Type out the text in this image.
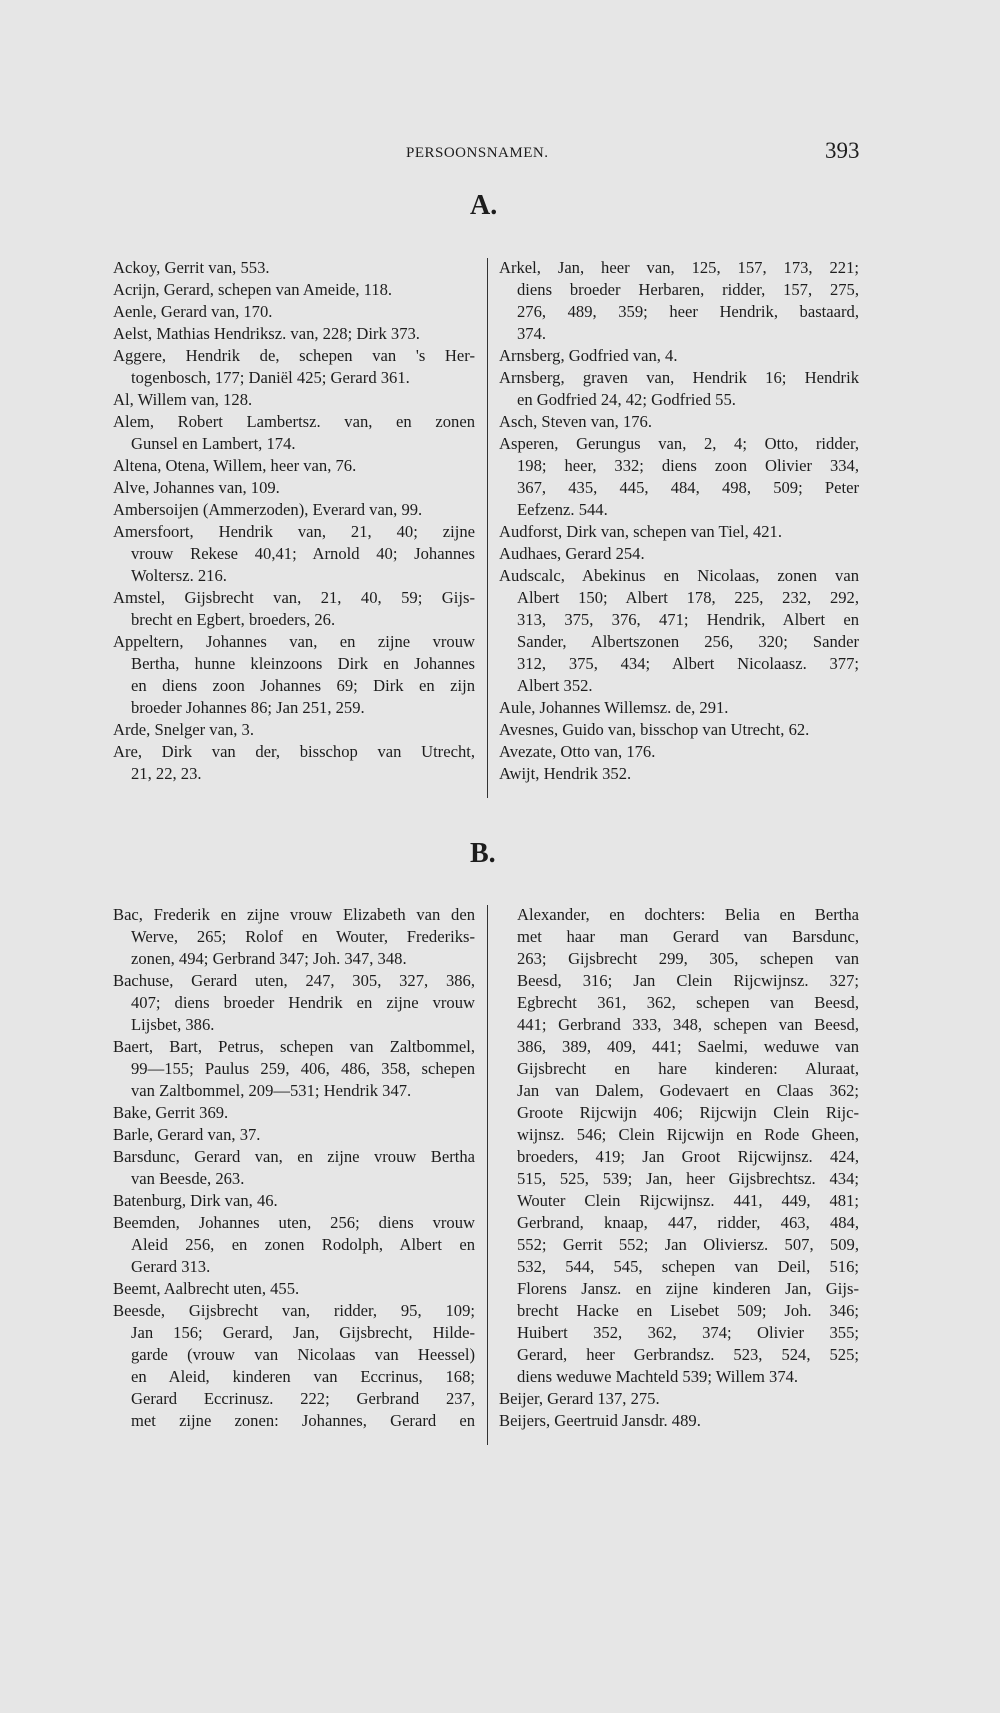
PERSOONSNAMEN.	393
A.
Ackoy, Gerrit van, 553.
Acrijn, Gerard, schepen van Ameide, 118.
Aenle, Gerard van, 170.
Aelst, Mathias Hendriksz. van, 228; Dirk 373.
Aggere, Hendrik de, schepen van 's Her-
togenbosch, 177; Daniël 425; Gerard 361.
Al, Willem van, 128.
Alem, Robert Lambertsz. van, en zonen
Gunsel en Lambert, 174.
Altena, Otena, Willem, heer van, 76.
Alve, Johannes van, 109.
Ambersoijen (Ammerzoden), Everard van, 99.
Amersfoort, Hendrik van, 21, 40; zijne
vrouw Rekese 40,41; Arnold 40; Johannes
Woltersz. 216.
Amstel, Gijsbrecht van, 21, 40, 59; Gijs-
brecht en Egbert, broeders, 26.
Appeltern, Johannes van, en zijne vrouw
Bertha, hunne kleinzoons Dirk en Johannes
en diens zoon Johannes 69; Dirk en zijn
broeder Johannes 86; Jan 251, 259.
Arde, Snelger van, 3.
Are, Dirk van der, bisschop van Utrecht,
21, 22, 23.
Arkel, Jan, heer van, 125, 157, 173, 221;
diens broeder Herbaren, ridder, 157, 275,
276, 489, 359; heer Hendrik, bastaard,
374.
Arnsberg, Godfried van, 4.
Arnsberg, graven van, Hendrik 16; Hendrik
en Godfried 24, 42; Godfried 55.
Asch, Steven van, 176.
Asperen, Gerungus van, 2, 4; Otto, ridder,
198; heer, 332; diens zoon Olivier 334,
367, 435, 445, 484, 498, 509; Peter
Eefzenz. 544.
Audforst, Dirk van, schepen van Tiel, 421.
Audhaes, Gerard 254.
Audscalc, Abekinus en Nicolaas, zonen van
Albert 150; Albert 178, 225, 232, 292,
313, 375, 376, 471; Hendrik, Albert en
Sander, Albertszonen 256, 320; Sander
312, 375, 434; Albert Nicolaasz. 377;
Albert 352.
Aule, Johannes Willemsz. de, 291.
Avesnes, Guido van, bisschop van Utrecht, 62.
Avezate, Otto van, 176.
Awijt, Hendrik 352.
B.
Bac, Frederik en zijne vrouw Elizabeth van den
Werve, 265; Rolof en Wouter, Frederiks-
zonen, 494; Gerbrand 347; Joh. 347, 348.
Bachuse, Gerard uten, 247, 305, 327, 386,
407; diens broeder Hendrik en zijne vrouw
Lijsbet, 386.
Baert, Bart, Petrus, schepen van Zaltbommel,
99—155; Paulus 259, 406, 486, 358, schepen
van Zaltbommel, 209—531; Hendrik 347.
Bake, Gerrit 369.
Barle, Gerard van, 37.
Barsdunc, Gerard van, en zijne vrouw Bertha
van Beesde, 263.
Batenburg, Dirk van, 46.
Beemden, Johannes uten, 256; diens vrouw
Aleid 256, en zonen Rodolph, Albert en
Gerard 313.
Beemt, Aalbrecht uten, 455.
Beesde, Gijsbrecht van, ridder, 95, 109;
Jan 156; Gerard, Jan, Gijsbrecht, Hilde-
garde (vrouw van Nicolaas van Heessel)
en Aleid, kinderen van Eccrinus, 168;
Gerard Eccrinusz. 222; Gerbrand 237,
met zijne zonen: Johannes, Gerard en
Alexander, en dochters: Belia en Bertha
met haar man Gerard van Barsdunc,
263; Gijsbrecht 299, 305, schepen van
Beesd, 316; Jan Clein Rijcwijnsz. 327;
Egbrecht 361, 362, schepen van Beesd,
441; Gerbrand 333, 348, schepen van Beesd,
386, 389, 409, 441; Saelmi, weduwe van
Gijsbrecht en hare kinderen: Aluraat,
Jan van Dalem, Godevaert en Claas 362;
Groote Rijcwijn 406; Rijcwijn Clein Rijc-
wijnsz. 546; Clein Rijcwijn en Rode Gheen,
broeders, 419; Jan Groot Rijcwijnsz. 424,
515, 525, 539; Jan, heer Gijsbrechtsz. 434;
Wouter Clein Rijcwijnsz. 441, 449, 481;
Gerbrand, knaap, 447, ridder, 463, 484,
552; Gerrit 552; Jan Oliviersz. 507, 509,
532, 544, 545, schepen van Deil, 516;
Florens Jansz. en zijne kinderen Jan, Gijs-
brecht Hacke en Lisebet 509; Joh. 346;
Huibert 352, 362, 374; Olivier 355;
Gerard, heer Gerbrandsz. 523, 524, 525;
diens weduwe Machteld 539; Willem 374.
Beijer, Gerard 137, 275.
Beijers, Geertruid Jansdr. 489.
